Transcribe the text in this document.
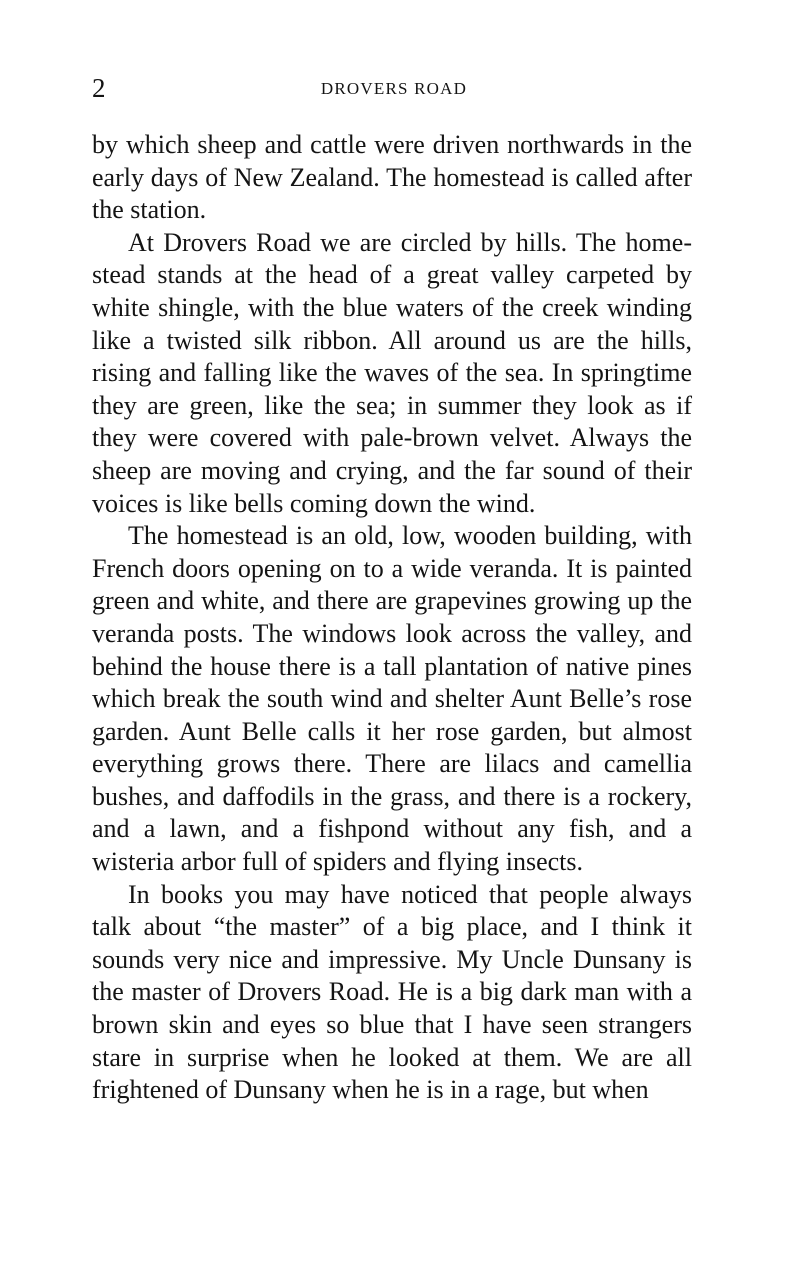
2	DROVERS ROAD

by which sheep and cattle were driven northwards in the early days of New Zealand. The homestead is called after the station.

At Drovers Road we are circled by hills. The homestead stands at the head of a great valley carpeted by white shingle, with the blue waters of the creek winding like a twisted silk ribbon. All around us are the hills, rising and falling like the waves of the sea. In springtime they are green, like the sea; in summer they look as if they were covered with pale-brown velvet. Always the sheep are moving and crying, and the far sound of their voices is like bells coming down the wind.

The homestead is an old, low, wooden building, with French doors opening on to a wide veranda. It is painted green and white, and there are grapevines growing up the veranda posts. The windows look across the valley, and behind the house there is a tall plantation of native pines which break the south wind and shelter Aunt Belle’s rose garden. Aunt Belle calls it her rose garden, but almost everything grows there. There are lilacs and camellia bushes, and daffodils in the grass, and there is a rockery, and a lawn, and a fishpond without any fish, and a wisteria arbor full of spiders and flying insects.

In books you may have noticed that people always talk about “the master” of a big place, and I think it sounds very nice and impressive. My Uncle Dunsany is the master of Drovers Road. He is a big dark man with a brown skin and eyes so blue that I have seen strangers stare in surprise when he looked at them. We are all frightened of Dunsany when he is in a rage, but when
